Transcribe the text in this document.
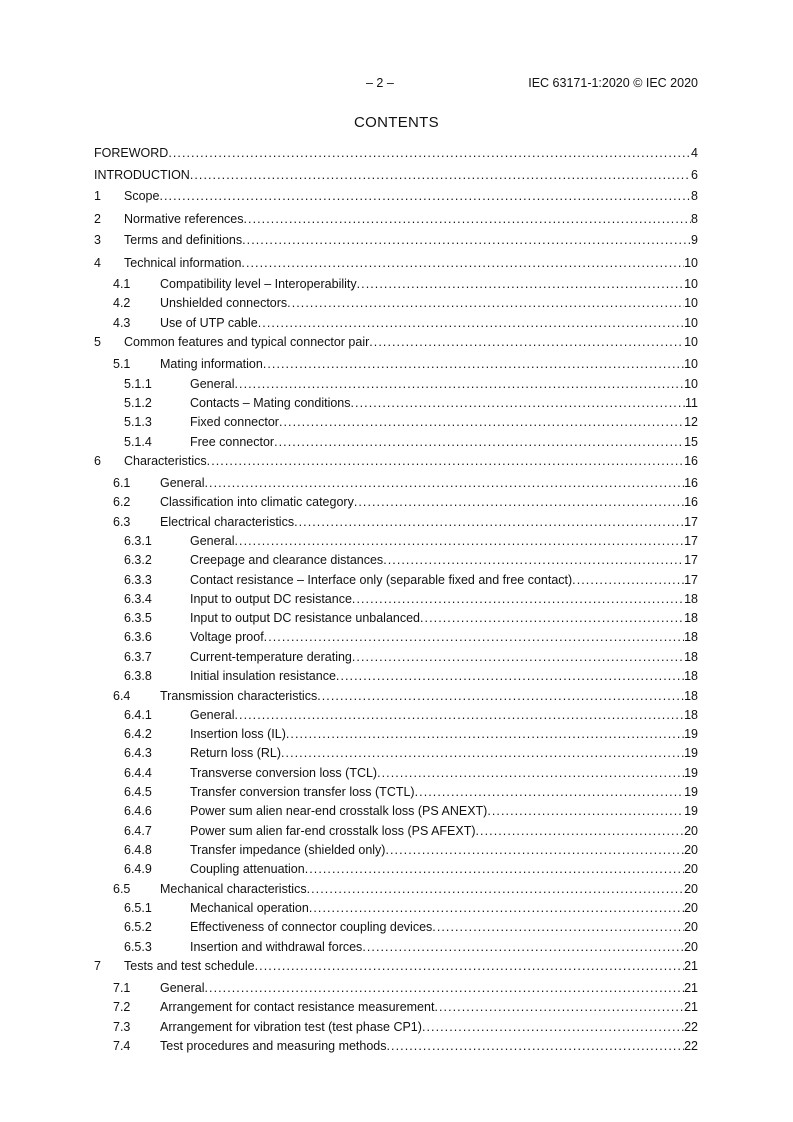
– 2 –	IEC 63171-1:2020 © IEC 2020
CONTENTS
FOREWORD . . .	4
INTRODUCTION . . .	6
1	Scope . . .	8
2	Normative references . . .	8
3	Terms and definitions . . .	9
4	Technical information . . .	10
4.1	Compatibility level – Interoperability . . .	10
4.2	Unshielded connectors . . .	10
4.3	Use of UTP cable . . .	10
5	Common features and typical connector pair . . .	10
5.1	Mating information . . .	10
5.1.1	General . . .	10
5.1.2	Contacts – Mating conditions . . .	11
5.1.3	Fixed connector . . .	12
5.1.4	Free connector . . .	15
6	Characteristics . . .	16
6.1	General . . .	16
6.2	Classification into climatic category . . .	16
6.3	Electrical characteristics . . .	17
6.3.1	General . . .	17
6.3.2	Creepage and clearance distances . . .	17
6.3.3	Contact resistance – Interface only (separable fixed and free contact) . . .	17
6.3.4	Input to output DC resistance . . .	18
6.3.5	Input to output DC resistance unbalanced . . .	18
6.3.6	Voltage proof . . .	18
6.3.7	Current-temperature derating . . .	18
6.3.8	Initial insulation resistance . . .	18
6.4	Transmission characteristics . . .	18
6.4.1	General . . .	18
6.4.2	Insertion loss (IL) . . .	19
6.4.3	Return loss (RL) . . .	19
6.4.4	Transverse conversion loss (TCL) . . .	19
6.4.5	Transfer conversion transfer loss (TCTL) . . .	19
6.4.6	Power sum alien near-end crosstalk loss (PS ANEXT) . . .	19
6.4.7	Power sum alien far-end crosstalk loss (PS AFEXT) . . .	20
6.4.8	Transfer impedance (shielded only) . . .	20
6.4.9	Coupling attenuation . . .	20
6.5	Mechanical characteristics . . .	20
6.5.1	Mechanical operation . . .	20
6.5.2	Effectiveness of connector coupling devices . . .	20
6.5.3	Insertion and withdrawal forces . . .	20
7	Tests and test schedule . . .	21
7.1	General . . .	21
7.2	Arrangement for contact resistance measurement . . .	21
7.3	Arrangement for vibration test (test phase CP1) . . .	22
7.4	Test procedures and measuring methods . . .	22
